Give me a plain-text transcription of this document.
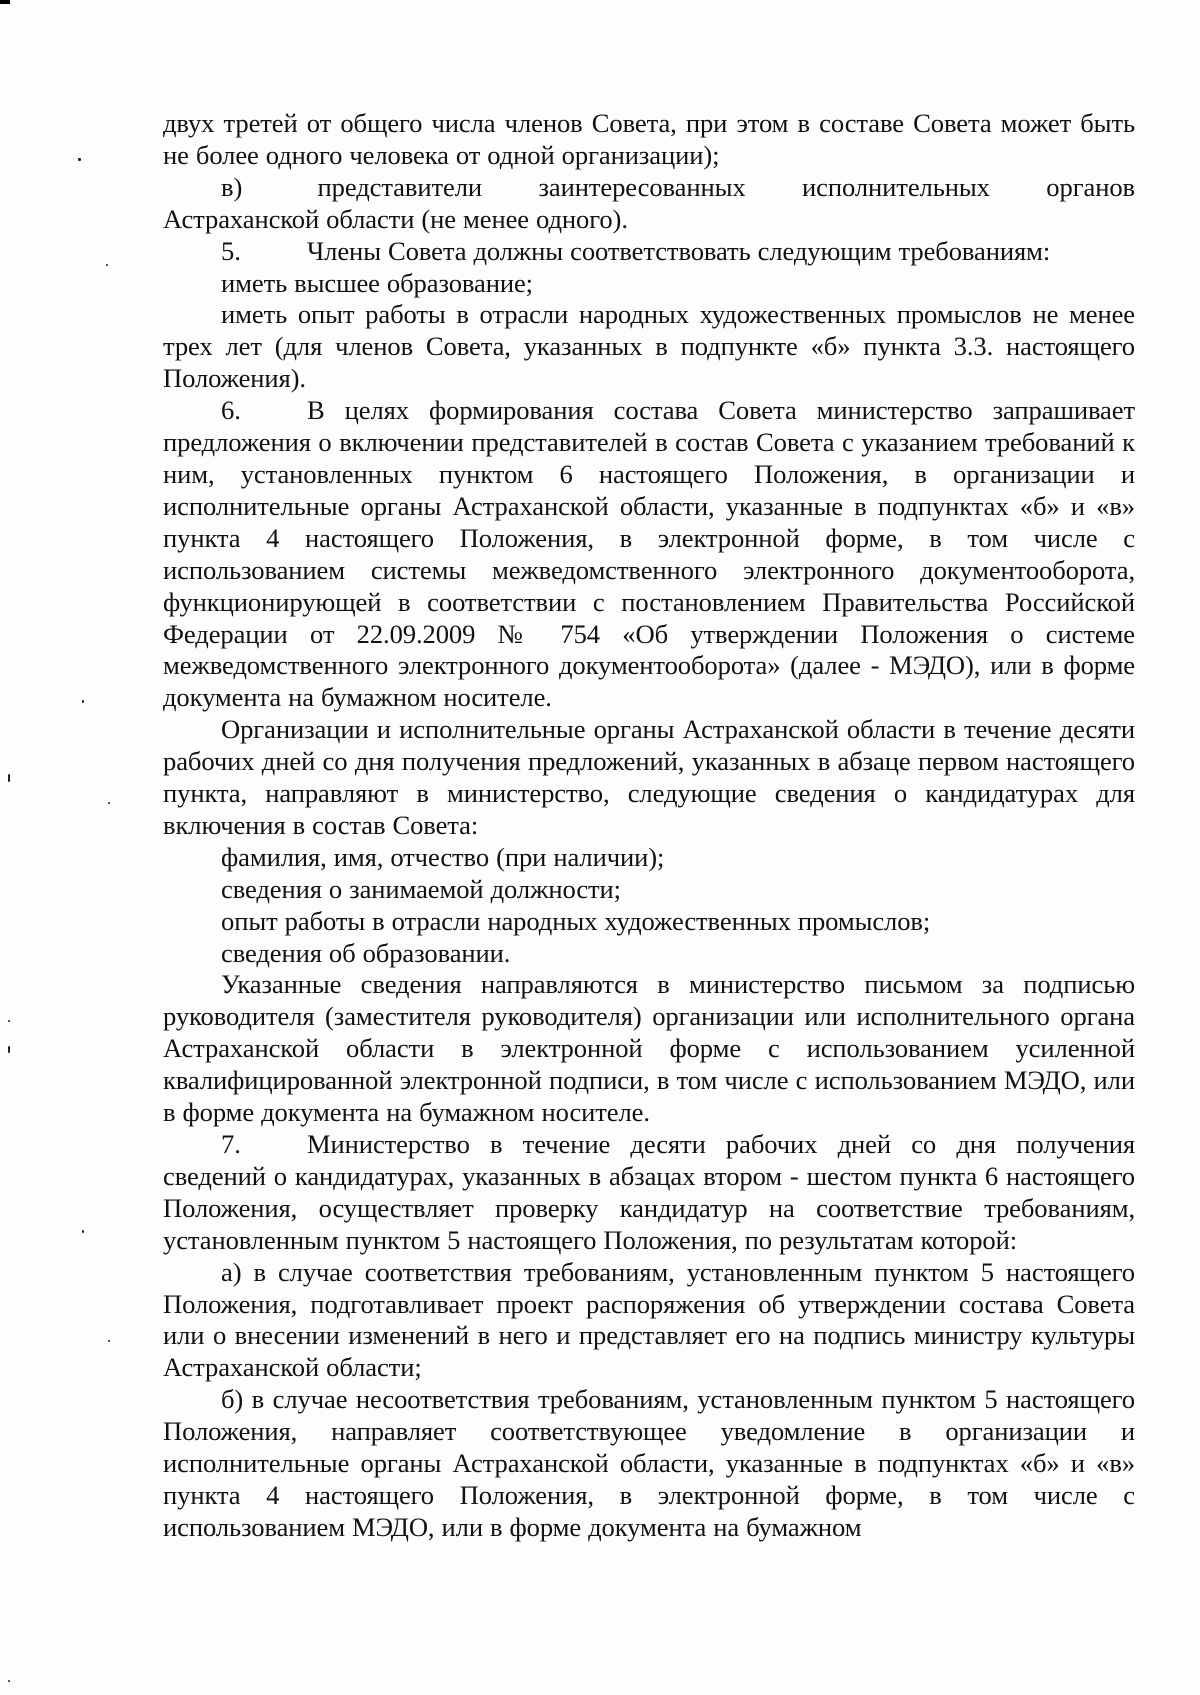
двух третей от общего числа членов Совета, при этом в составе Совета может быть не более одного человека от одной организации);

в)    представители   заинтересованных   исполнительных   органов Астраханской области (не менее одного).

5. Члены Совета должны соответствовать следующим требованиям:

иметь высшее образование;

иметь опыт работы в отрасли народных художественных промыслов не менее трех лет (для членов Совета, указанных в подпункте «б» пункта 3.3. настоящего Положения).

6. В целях формирования состава Совета министерство запрашивает предложения о включении представителей в состав Совета с указанием требований к ним, установленных пунктом 6 настоящего Положения, в организации и исполнительные органы Астраханской области, указанные в подпунктах «б» и «в» пункта 4 настоящего Положения, в электронной форме, в том числе с использованием системы межведомственного электронного документооборота, функционирующей в соответствии с постановлением Правительства Российской Федерации от 22.09.2009 № 754 «Об утверждении Положения о системе межведомственного электронного документооборота» (далее - МЭДО), или в форме документа на бумажном носителе.

Организации и исполнительные органы Астраханской области в течение десяти рабочих дней со дня получения предложений, указанных в абзаце первом настоящего пункта, направляют в министерство, следующие сведения о кандидатурах для включения в состав Совета:

фамилия, имя, отчество (при наличии);

сведения о занимаемой должности;

опыт работы в отрасли народных художественных промыслов;

сведения об образовании.

Указанные сведения направляются в министерство письмом за подписью руководителя (заместителя руководителя) организации или исполнительного органа Астраханской области в электронной форме с использованием усиленной квалифицированной электронной подписи, в том числе с использованием МЭДО, или в форме документа на бумажном носителе.

7. Министерство в течение десяти рабочих дней со дня получения сведений о кандидатурах, указанных в абзацах втором - шестом пункта 6 настоящего Положения, осуществляет проверку кандидатур на соответствие требованиям, установленным пунктом 5 настоящего Положения, по результатам которой:

а) в случае соответствия требованиям, установленным пунктом 5 настоящего Положения, подготавливает проект распоряжения об утверждении состава Совета или о внесении изменений в него и представляет его на подпись министру культуры Астраханской области;

б) в случае несоответствия требованиям, установленным пунктом 5 настоящего Положения, направляет соответствующее уведомление в организации и исполнительные органы Астраханской области, указанные в подпунктах «б» и «в» пункта 4 настоящего Положения, в электронной форме, в том числе с использованием МЭДО, или в форме документа на бумажном
